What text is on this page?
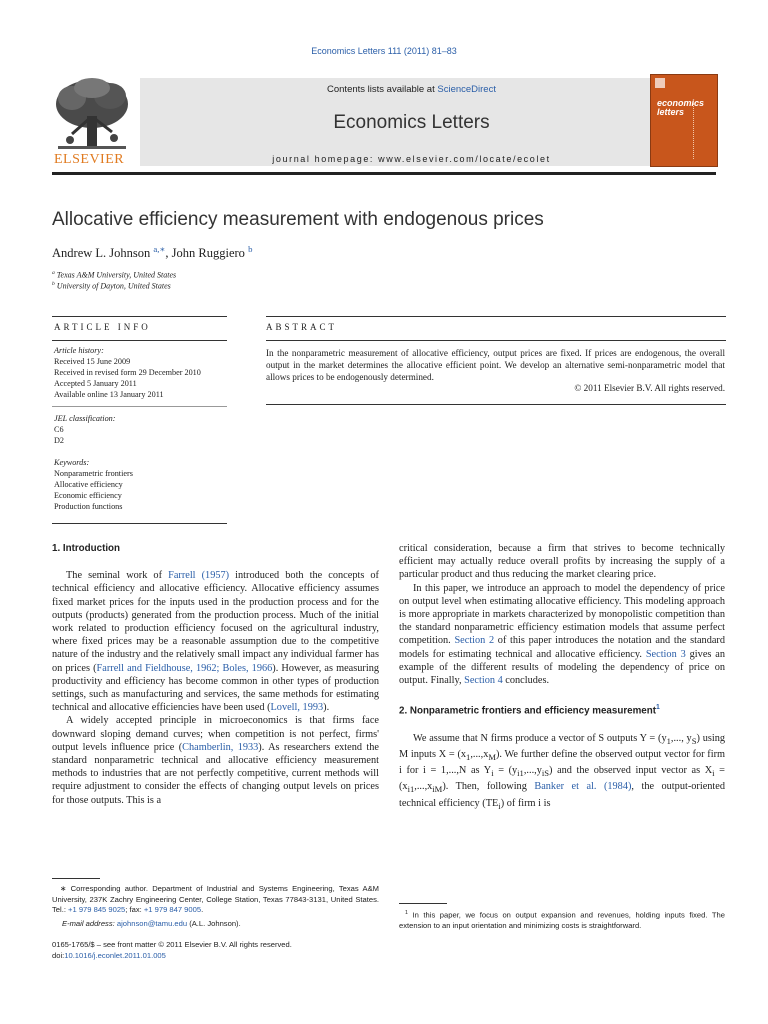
Economics Letters 111 (2011) 81–83
ELSEVIER
Contents lists available at ScienceDirect
Economics Letters
journal homepage: www.elsevier.com/locate/ecolet
economics
letters
Allocative efficiency measurement with endogenous prices
Andrew L. Johnson $^{a,∗}$, John Ruggiero $^b$
$^a$ Texas A&M University, United States
$^b$ University of Dayton, United States
ARTICLE INFO
Article history:
Received 15 June 2009
Received in revised form 29 December 2010
Accepted 5 January 2011
Available online 13 January 2011
JEL classification:
C6
D2
Keywords:
Nonparametric frontiers
Allocative efficiency
Economic efficiency
Production functions
ABSTRACT
In the nonparametric measurement of allocative efficiency, output prices are fixed. If prices are endogenous, the overall output in the market determines the allocative efficient point. We develop an alternative semi-nonparametric model that allows prices to be endogenously determined.
© 2011 Elsevier B.V. All rights reserved.

1. Introduction

The seminal work of Farrell (1957) introduced both the concepts of technical efficiency and allocative efficiency. Allocative efficiency assumes fixed market prices for the inputs used in the production process and for the outputs (products) generated from the production process. Much of the initial work related to production efficiency focused on the agricultural industry, where fixed prices may be a reasonable assumption due to the competitive nature of the industry and the relatively small impact any individual farmer has on prices (Farrell and Fieldhouse, 1962; Boles, 1966). However, as measuring productivity and efficiency has become common in other types of production settings, such as manufacturing and services, the same methods for estimating technical and allocative efficiencies have been used (Lovell, 1993).

A widely accepted principle in microeconomics is that firms face downward sloping demand curves; when competition is not perfect, firms' output levels influence price (Chamberlin, 1933). As researchers extend the standard nonparametric technical and allocative efficiency measurement methods to industries that are not perfectly competitive, current methods will require adjustment to consider the effects of changing output levels on prices for those outputs. This is a

critical consideration, because a firm that strives to become technically efficient may actually reduce overall profits by increasing the supply of a particular product and thus reducing the market clearing price.

In this paper, we introduce an approach to model the dependency of price on output level when estimating allocative efficiency. This modeling approach is more appropriate in markets characterized by monopolistic competition than the standard nonparametric efficiency estimation models that assume perfect competition. Section 2 of this paper introduces the notation and the standard models for estimating technical and allocative efficiency. Section 3 gives an example of the different results of modeling the dependency of price on output. Finally, Section 4 concludes.

2. Nonparametric frontiers and efficiency measurement$^1$

We assume that N firms produce a vector of S outputs $Y = (y_1$,..., $y_S$) using M inputs $X = (x_1,...,x_M)$. We further define the observed output vector for firm i for i = 1,...,N as $Y_i = (y_{i1},...,y_{iS})$ and the observed input vector as $X_i = (x_{i1},...,x_{iM})$. Then, following Banker et al. (1984), the output-oriented technical efficiency $(TE_i)$ of firm i is

∗ Corresponding author. Department of Industrial and Systems Engineering, Texas A&M University, 237K Zachry Engineering Center, College Station, Texas 77843-3131, United States. Tel.: +1 979 845 9025; fax: +1 979 847 9005.
E-mail address: ajohnson@tamu.edu (A.L. Johnson).
0165-1765/$ – see front matter © 2011 Elsevier B.V. All rights reserved.
doi:10.1016/j.econlet.2011.01.005
$^1$ In this paper, we focus on output expansion and revenues, holding inputs fixed. The extension to an input orientation and minimizing costs is straightforward.
